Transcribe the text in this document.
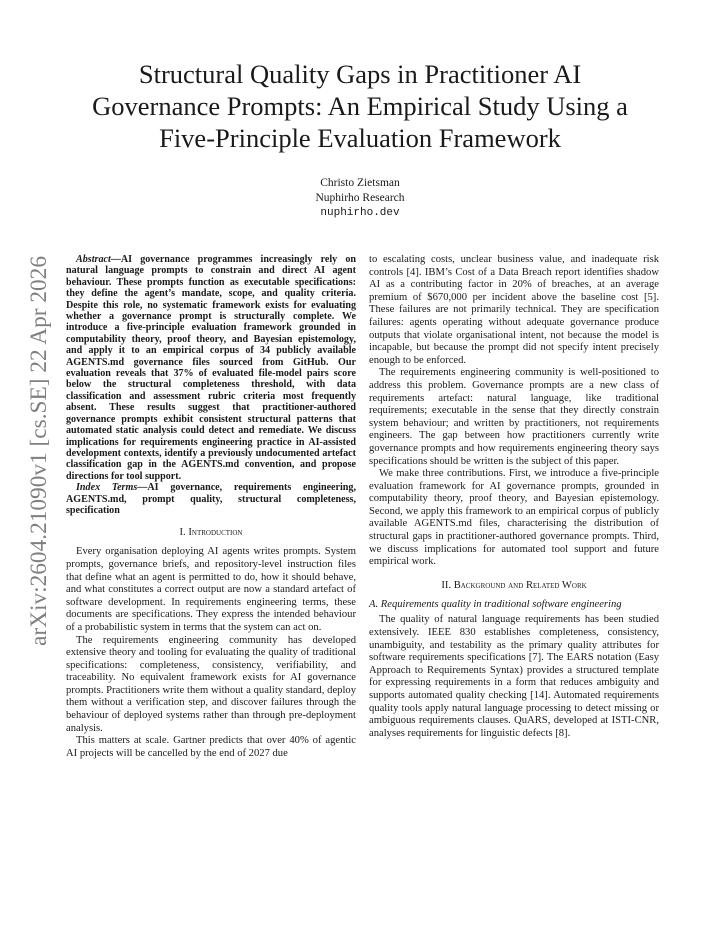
arXiv:2604.21090v1 [cs.SE] 22 Apr 2026
Structural Quality Gaps in Practitioner AI
Governance Prompts: An Empirical Study Using a
Five-Principle Evaluation Framework
Christo Zietsman
Nuphirho Research
nuphirho.dev

Abstract—AI governance programmes increasingly rely on natural language prompts to constrain and direct AI agent behaviour. These prompts function as executable specifications: they define the agent’s mandate, scope, and quality criteria. Despite this role, no systematic framework exists for evaluating whether a governance prompt is structurally complete. We introduce a five-principle evaluation framework grounded in computability theory, proof theory, and Bayesian epistemology, and apply it to an empirical corpus of 34 publicly available AGENTS.md governance files sourced from GitHub. Our evaluation reveals that 37% of evaluated file-model pairs score below the structural completeness threshold, with data classification and assessment rubric criteria most frequently absent. These results suggest that practitioner-authored governance prompts exhibit consistent structural patterns that automated static analysis could detect and remediate. We discuss implications for requirements engineering practice in AI-assisted development contexts, identify a previously undocumented artefact classification gap in the AGENTS.md convention, and propose directions for tool support.

Index Terms—AI governance, requirements engineering, AGENTS.md, prompt quality, structural completeness, specification

I. Introduction

Every organisation deploying AI agents writes prompts. System prompts, governance briefs, and repository-level instruction files that define what an agent is permitted to do, how it should behave, and what constitutes a correct output are now a standard artefact of software development. In requirements engineering terms, these documents are specifications. They express the intended behaviour of a probabilistic system in terms that the system can act on.

The requirements engineering community has developed extensive theory and tooling for evaluating the quality of traditional specifications: completeness, consistency, verifiability, and traceability. No equivalent framework exists for AI governance prompts. Practitioners write them without a quality standard, deploy them without a verification step, and discover failures through the behaviour of deployed systems rather than through pre-deployment analysis.

This matters at scale. Gartner predicts that over 40% of agentic AI projects will be cancelled by the end of 2027 due

to escalating costs, unclear business value, and inadequate risk controls [4]. IBM’s Cost of a Data Breach report identifies shadow AI as a contributing factor in 20% of breaches, at an average premium of $670,000 per incident above the baseline cost [5]. These failures are not primarily technical. They are specification failures: agents operating without adequate governance produce outputs that violate organisational intent, not because the model is incapable, but because the prompt did not specify intent precisely enough to be enforced.

The requirements engineering community is well-positioned to address this problem. Governance prompts are a new class of requirements artefact: natural language, like traditional requirements; executable in the sense that they directly constrain system behaviour; and written by practitioners, not requirements engineers. The gap between how practitioners currently write governance prompts and how requirements engineering theory says specifications should be written is the subject of this paper.

We make three contributions. First, we introduce a five-principle evaluation framework for AI governance prompts, grounded in computability theory, proof theory, and Bayesian epistemology. Second, we apply this framework to an empirical corpus of publicly available AGENTS.md files, characterising the distribution of structural gaps in practitioner-authored governance prompts. Third, we discuss implications for automated tool support and future empirical work.

II. Background and Related Work
A. Requirements quality in traditional software engineering

The quality of natural language requirements has been studied extensively. IEEE 830 establishes completeness, consistency, unambiguity, and testability as the primary quality attributes for software requirements specifications [7]. The EARS notation (Easy Approach to Requirements Syntax) provides a structured template for expressing requirements in a form that reduces ambiguity and supports automated quality checking [14]. Automated requirements quality tools apply natural language processing to detect missing or ambiguous requirements clauses. QuARS, developed at ISTI-CNR, analyses requirements for linguistic defects [8].
